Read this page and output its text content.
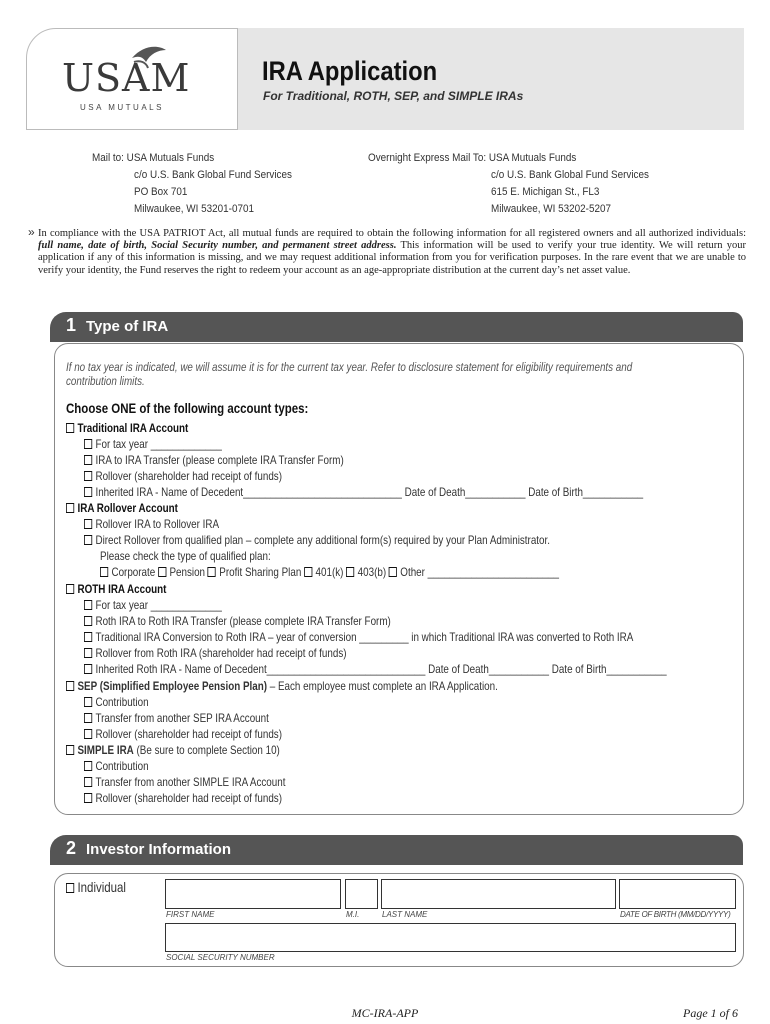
USAM
USA MUTUALS
IRA Application
For Traditional, ROTH, SEP, and SIMPLE IRAs
Mail to: USA Mutuals Funds
c/o U.S. Bank Global Fund Services
PO Box 701
Milwaukee, WI 53201-0701
Overnight Express Mail To: USA Mutuals Funds
c/o U.S. Bank Global Fund Services
615 E. Michigan St., FL3
Milwaukee, WI 53202-5207
» In compliance with the USA PATRIOT Act, all mutual funds are required to obtain the following information for all registered owners and all authorized individuals: full name, date of birth, Social Security number, and permanent street address. This information will be used to verify your true identity. We will return your application if any of this information is missing, and we may request additional information from you for verification purposes. In the rare event that we are unable to verify your identity, the Fund reserves the right to redeem your account as an age-appropriate distribution at the current day’s net asset value.
1 Type of IRA
If no tax year is indicated, we will assume it is for the current tax year. Refer to disclosure statement for eligibility requirements and
contribution limits.
Choose ONE of the following account types:
Traditional IRA Account
For tax year _____________
IRA to IRA Transfer (please complete IRA Transfer Form)
Rollover (shareholder had receipt of funds)
Inherited IRA - Name of Decedent_____________________________ Date of Death___________ Date of Birth___________
IRA Rollover Account
Rollover IRA to Rollover IRA
Direct Rollover from qualified plan – complete any additional form(s) required by your Plan Administrator.
Please check the type of qualified plan:
Corporate Pension Profit Sharing Plan 401(k) 403(b) Other ________________________
ROTH IRA Account
For tax year _____________
Roth IRA to Roth IRA Transfer (please complete IRA Transfer Form)
Traditional IRA Conversion to Roth IRA – year of conversion _________ in which Traditional IRA was converted to Roth IRA
Rollover from Roth IRA (shareholder had receipt of funds)
Inherited Roth IRA - Name of Decedent_____________________________ Date of Death___________ Date of Birth___________
SEP (Simplified Employee Pension Plan) – Each employee must complete an IRA Application.
Contribution
Transfer from another SEP IRA Account
Rollover (shareholder had receipt of funds)
SIMPLE IRA (Be sure to complete Section 10)
Contribution
Transfer from another SIMPLE IRA Account
Rollover (shareholder had receipt of funds)
2 Investor Information
Individual
FIRST NAME	M.I.	LAST NAME	DATE OF BIRTH (MM/DD/YYYY)
SOCIAL SECURITY NUMBER
MC-IRA-APP	Page 1 of 6
